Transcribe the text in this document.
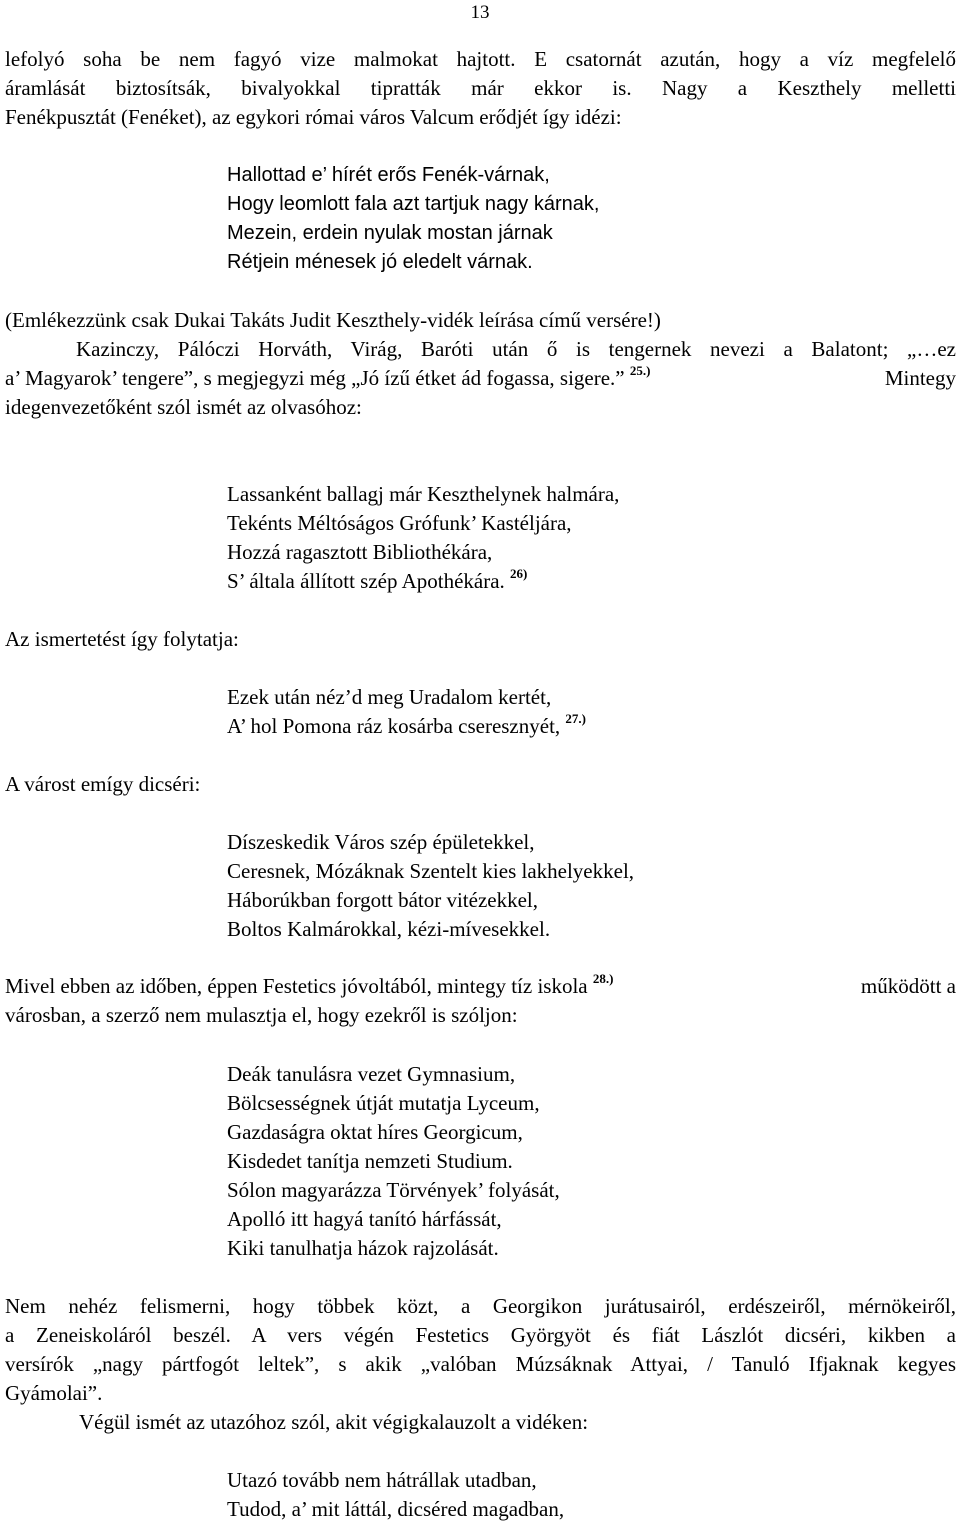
13
lefolyó soha be nem fagyó vize malmokat hajtott. E csatornát azután, hogy a víz megfelelő
áramlását biztosítsák, bivalyokkal tipratták már ekkor is. Nagy a Keszthely melletti
Fenékpusztát (Fenéket), az egykori római város Valcum erődjét így idézi:
Hallottad e’ hírét erős Fenék-várnak,
Hogy leomlott fala azt tartjuk nagy kárnak,
Mezein, erdein nyulak mostan járnak
Rétjein ménesek jó eledelt várnak.
(Emlékezzünk csak Dukai Takáts Judit Keszthely-vidék leírása című versére!)
Kazinczy, Pálóczi Horváth, Virág, Baróti után ő is tengernek nevezi a Balatont; „…ez
a’ Magyarok’ tengere”, s megjegyzi még „Jó ízű étket ád fogassa, sigere.” $^{25.)}$	Mintegy
idegenvezetőként szól ismét az olvasóhoz:
Lassanként ballagj már Keszthelynek halmára,
Tekénts Méltóságos Grófunk’ Kastéljára,
Hozzá ragasztott Bibliothékára,
S’ általa állított szép Apothékára. $^{26)}$
Az ismertetést így folytatja:
Ezek után néz’d meg Uradalom kertét,
A’ hol Pomona ráz kosárba cseresznyét, $^{27.)}$
A várost emígy dicséri:
Díszeskedik Város szép épületekkel,
Ceresnek, Mózáknak Szentelt kies lakhelyekkel,
Háborúkban forgott bátor vitézekkel,
Boltos Kalmárokkal, kézi-mívesekkel.
Mivel ebben az időben, éppen Festetics jóvoltából, mintegy tíz iskola $^{28.)}$	működött a
városban, a szerző nem mulasztja el, hogy ezekről is szóljon:
Deák tanulásra vezet Gymnasium,
Bölcsességnek útját mutatja Lyceum,
Gazdaságra oktat híres Georgicum,
Kisdedet tanítja nemzeti Studium.
Sólon magyarázza Törvények’ folyását,
Apolló itt hagyá tanító hárfássát,
Kiki tanulhatja házok rajzolását.
Nem nehéz felismerni, hogy többek közt, a Georgikon jurátusairól, erdészeiről, mérnökeiről,
a Zeneiskoláról beszél. A vers végén Festetics Györgyöt és fiát Lászlót dicséri, kikben a
versírók „nagy pártfogót leltek”, s akik „valóban Múzsáknak Attyai, / Tanuló Ifjaknak kegyes
Gyámolai”.
Végül ismét az utazóhoz szól, akit végigkalauzolt a vidéken:
Utazó tovább nem hátrállak utadban,
Tudod, a’ mit láttál, dicséred magadban,
